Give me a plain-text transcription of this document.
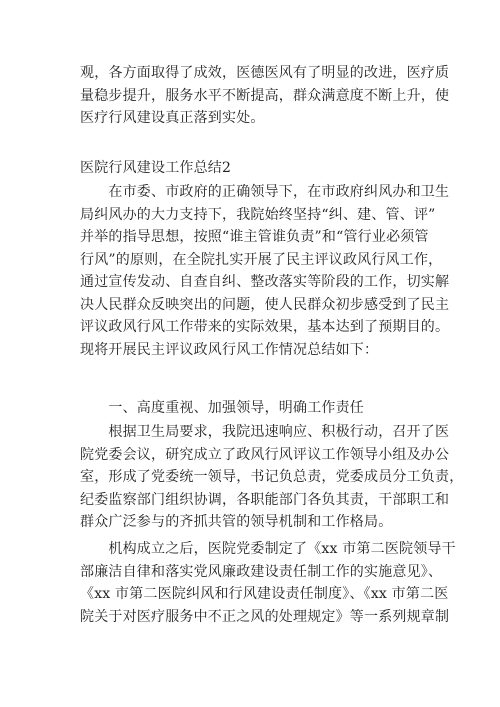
观，各方面取得了成效，医德医风有了明显的改进，医疗质
量稳步提升，服务水平不断提高，群众满意度不断上升，使
医疗行风建设真正落到实处。
医院行风建设工作总结2
　　在市委、市政府的正确领导下，在市政府纠风办和卫生
局纠风办的大力支持下，我院始终坚持“纠、建、管、评”
并举的指导思想，按照“谁主管谁负责”和“管行业必须管
行风”的原则，在全院扎实开展了民主评议政风行风工作，
通过宣传发动、自查自纠、整改落实等阶段的工作，切实解
决人民群众反映突出的问题，使人民群众初步感受到了民主
评议政风行风工作带来的实际效果，基本达到了预期目的。
现将开展民主评议政风行风工作情况总结如下：
　　一、高度重视、加强领导，明确工作责任
　　根据卫生局要求，我院迅速响应、积极行动，召开了医
院党委会议，研究成立了政风行风评议工作领导小组及办公
室，形成了党委统一领导，书记负总责，党委成员分工负责，
纪委监察部门组织协调，各职能部门各负其责，干部职工和
群众广泛参与的齐抓共管的领导机制和工作格局。
　　机构成立之后，医院党委制定了《xx 市第二医院领导干
部廉洁自律和落实党风廉政建设责任制工作的实施意见》、
《xx 市第二医院纠风和行风建设责任制度》、《xx 市第二医
院关于对医疗服务中不正之风的处理规定》等一系列规章制
